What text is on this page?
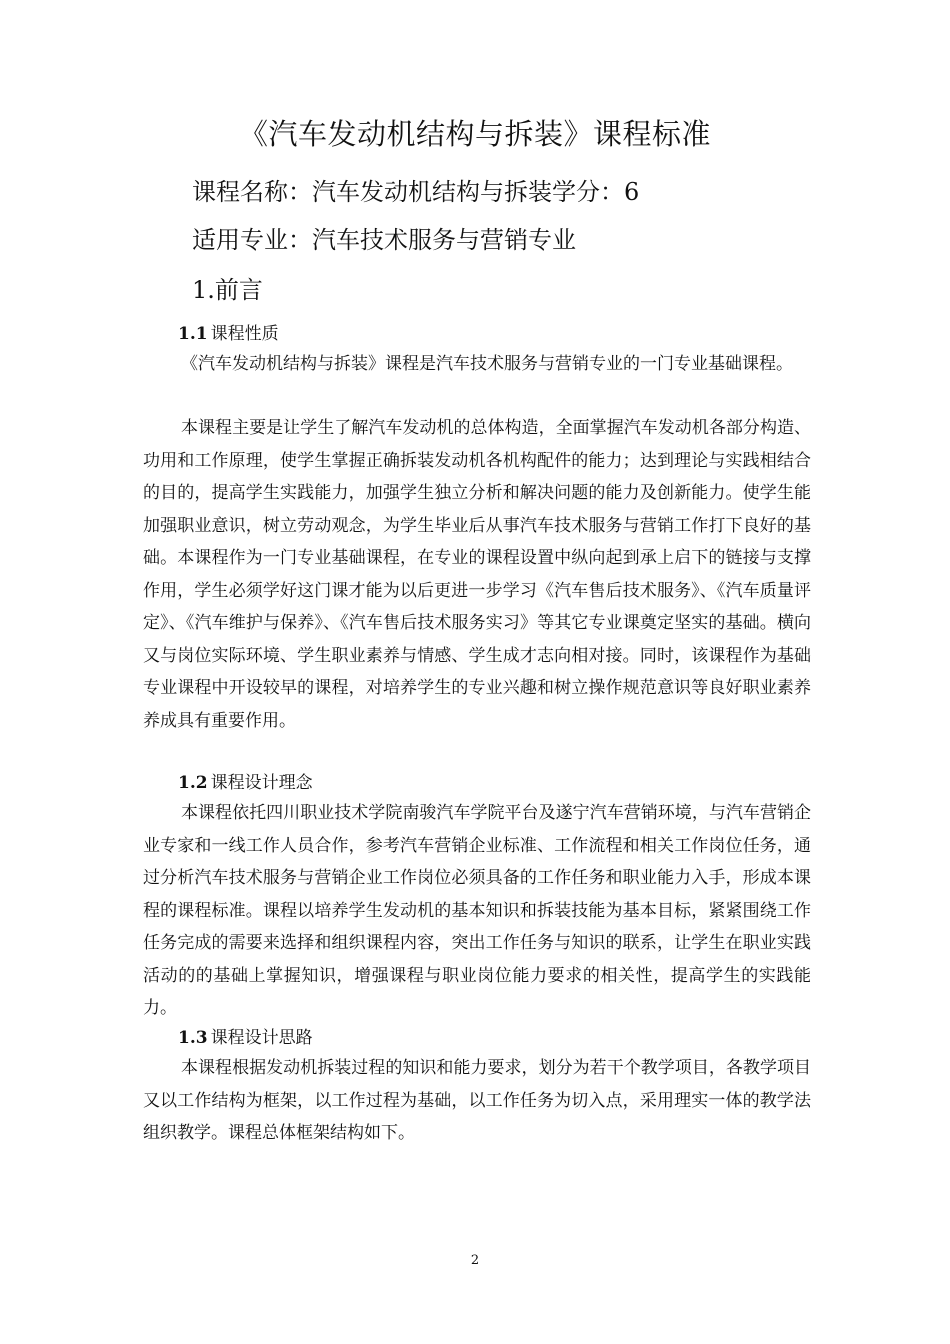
《汽车发动机结构与拆装》课程标准
课程名称：汽车发动机结构与拆装学分：6
适用专业：汽车技术服务与营销专业
1.前言
1.1 课程性质

《汽车发动机结构与拆装》课程是汽车技术服务与营销专业的一门专业基础课程。

本课程主要是让学生了解汽车发动机的总体构造，全面掌握汽车发动机各部分构造、功用和工作原理，使学生掌握正确拆装发动机各机构配件的能力；达到理论与实践相结合的目的，提高学生实践能力，加强学生独立分析和解决问题的能力及创新能力。使学生能加强职业意识，树立劳动观念，为学生毕业后从事汽车技术服务与营销工作打下良好的基础。本课程作为一门专业基础课程，在专业的课程设置中纵向起到承上启下的链接与支撑作用，学生必须学好这门课才能为以后更进一步学习《汽车售后技术服务》、《汽车质量评定》、《汽车维护与保养》、《汽车售后技术服务实习》等其它专业课奠定坚实的基础。横向又与岗位实际环境、学生职业素养与情感、学生成才志向相对接。同时，该课程作为基础专业课程中开设较早的课程，对培养学生的专业兴趣和树立操作规范意识等良好职业素养养成具有重要作用。

1.2 课程设计理念

本课程依托四川职业技术学院南骏汽车学院平台及遂宁汽车营销环境，与汽车营销企业专家和一线工作人员合作，参考汽车营销企业标准、工作流程和相关工作岗位任务，通过分析汽车技术服务与营销企业工作岗位必须具备的工作任务和职业能力入手，形成本课程的课程标准。课程以培养学生发动机的基本知识和拆装技能为基本目标，紧紧围绕工作任务完成的需要来选择和组织课程内容，突出工作任务与知识的联系，让学生在职业实践活动的的基础上掌握知识，增强课程与职业岗位能力要求的相关性，提高学生的实践能力。

1.3 课程设计思路

本课程根据发动机拆装过程的知识和能力要求，划分为若干个教学项目，各教学项目又以工作结构为框架，以工作过程为基础，以工作任务为切入点，采用理实一体的教学法组织教学。课程总体框架结构如下。

2
